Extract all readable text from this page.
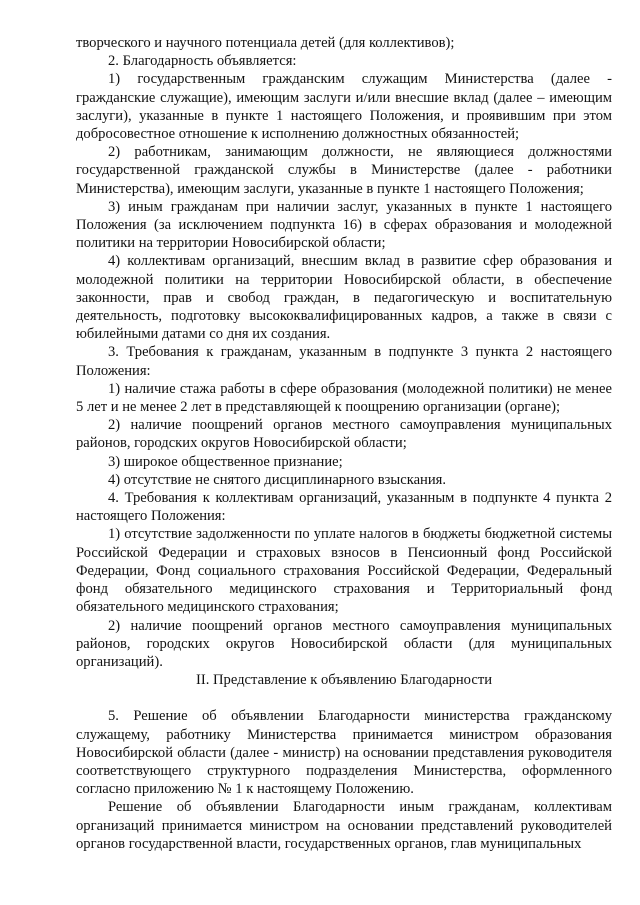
творческого и научного потенциала детей (для коллективов);

2. Благодарность объявляется:

1) государственным гражданским служащим Министерства (далее - гражданские служащие), имеющим заслуги и/или внесшие вклад (далее – имеющим заслуги), указанные в пункте 1 настоящего Положения, и проявившим при этом добросовестное отношение к исполнению должностных обязанностей;

2) работникам, занимающим должности, не являющиеся должностями государственной гражданской службы в Министерстве (далее - работники Министерства), имеющим заслуги, указанные в пункте 1 настоящего Положения;

3) иным гражданам при наличии заслуг, указанных в пункте 1 настоящего Положения (за исключением подпункта 16) в сферах образования и молодежной политики на территории Новосибирской области;

4) коллективам организаций, внесшим вклад в развитие сфер образования и молодежной политики на территории Новосибирской области, в обеспечение законности, прав и свобод граждан, в педагогическую и воспитательную деятельность, подготовку высококвалифицированных кадров, а также в связи с юбилейными датами со дня их создания.

3. Требования к гражданам, указанным в подпункте 3 пункта 2 настоящего Положения:

1) наличие стажа работы в сфере образования (молодежной политики) не менее 5 лет и не менее 2 лет в представляющей к поощрению организации (органе);

2) наличие поощрений органов местного самоуправления муниципальных районов, городских округов Новосибирской области;

3) широкое общественное признание;

4) отсутствие не снятого дисциплинарного взыскания.

4. Требования к коллективам организаций, указанным в подпункте 4 пункта 2 настоящего Положения:

1) отсутствие задолженности по уплате налогов в бюджеты бюджетной системы Российской Федерации и страховых взносов в Пенсионный фонд Российской Федерации, Фонд социального страхования Российской Федерации, Федеральный фонд обязательного медицинского страхования и Территориальный фонд обязательного медицинского страхования;

2) наличие поощрений органов местного самоуправления муниципальных районов, городских округов Новосибирской области (для муниципальных организаций).

II. Представление к объявлению Благодарности

5. Решение об объявлении Благодарности министерства гражданскому служащему, работнику Министерства принимается министром образования Новосибирской области (далее - министр) на основании представления руководителя соответствующего структурного подразделения Министерства, оформленного согласно приложению № 1 к настоящему Положению.

Решение об объявлении Благодарности иным гражданам, коллективам организаций принимается министром на основании представлений руководителей органов государственной власти, государственных органов, глав муниципальных
